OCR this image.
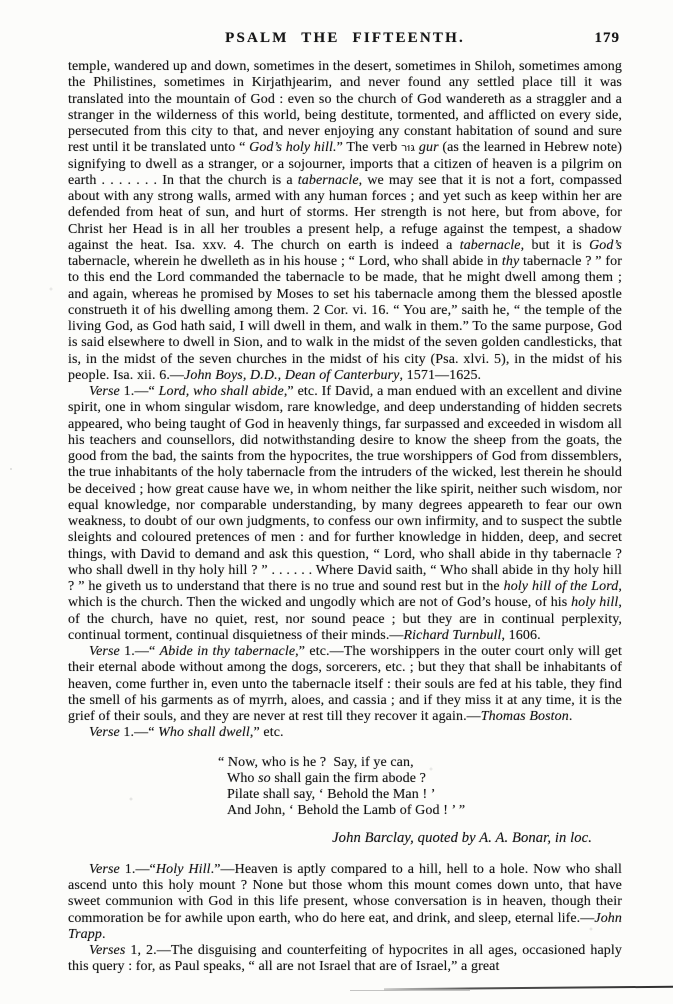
PSALM THE FIFTEENTH.	179

temple, wandered up and down, sometimes in the desert, sometimes in Shiloh, sometimes among the Philistines, sometimes in Kirjathjearim, and never found any settled place till it was translated into the mountain of God : even so the church of God wandereth as a straggler and a stranger in the wilderness of this world, being destitute, tormented, and afflicted on every side, persecuted from this city to that, and never enjoying any constant habitation of sound and sure rest until it be translated unto “ God’s holy hill.” The verb גּוּר gur (as the learned in Hebrew note) signifying to dwell as a stranger, or a sojourner, imports that a citizen of heaven is a pilgrim on earth . . . . . . . In that the church is a tabernacle, we may see that it is not a fort, compassed about with any strong walls, armed with any human forces ; and yet such as keep within her are defended from heat of sun, and hurt of storms. Her strength is not here, but from above, for Christ her Head is in all her troubles a present help, a refuge against the tempest, a shadow against the heat. Isa. xxv. 4. The church on earth is indeed a tabernacle, but it is God’s tabernacle, wherein he dwelleth as in his house ; “ Lord, who shall abide in thy tabernacle ? ” for to this end the Lord commanded the tabernacle to be made, that he might dwell among them ; and again, whereas he promised by Moses to set his tabernacle among them the blessed apostle construeth it of his dwelling among them. 2 Cor. vi. 16. “ You are,” saith he, “ the temple of the living God, as God hath said, I will dwell in them, and walk in them.” To the same purpose, God is said elsewhere to dwell in Sion, and to walk in the midst of the seven golden candlesticks, that is, in the midst of the seven churches in the midst of his city (Psa. xlvi. 5), in the midst of his people. Isa. xii. 6.—John Boys, D.D., Dean of Canterbury, 1571—1625.

Verse 1.—“ Lord, who shall abide,” etc. If David, a man endued with an excellent and divine spirit, one in whom singular wisdom, rare knowledge, and deep understanding of hidden secrets appeared, who being taught of God in heavenly things, far surpassed and exceeded in wisdom all his teachers and counsellors, did notwithstanding desire to know the sheep from the goats, the good from the bad, the saints from the hypocrites, the true worshippers of God from dissemblers, the true inhabitants of the holy tabernacle from the intruders of the wicked, lest therein he should be deceived ; how great cause have we, in whom neither the like spirit, neither such wisdom, nor equal knowledge, nor comparable understanding, by many degrees appeareth to fear our own weakness, to doubt of our own judgments, to confess our own infirmity, and to suspect the subtle sleights and coloured pretences of men : and for further knowledge in hidden, deep, and secret things, with David to demand and ask this question, “ Lord, who shall abide in thy tabernacle ? who shall dwell in thy holy hill ? ” . . . . . . Where David saith, “ Who shall abide in thy holy hill ? ” he giveth us to understand that there is no true and sound rest but in the holy hill of the Lord, which is the church. Then the wicked and ungodly which are not of God’s house, of his holy hill, of the church, have no quiet, rest, nor sound peace ; but they are in continual perplexity, continual torment, continual disquietness of their minds.—Richard Turnbull, 1606.

Verse 1.—“ Abide in thy tabernacle,” etc.—The worshippers in the outer court only will get their eternal abode without among the dogs, sorcerers, etc. ; but they that shall be inhabitants of heaven, come further in, even unto the tabernacle itself : their souls are fed at his table, they find the smell of his garments as of myrrh, aloes, and cassia ; and if they miss it at any time, it is the grief of their souls, and they are never at rest till they recover it again.—Thomas Boston.

Verse 1.—“ Who shall dwell,” etc.

“ Now, who is he ?  Say, if ye can,
Who so shall gain the firm abode ?
Pilate shall say, ‘ Behold the Man ! ’
And John, ‘ Behold the Lamb of God ! ’ ”
John Barclay, quoted by A. A. Bonar, in loc.

Verse 1.—“Holy Hill.”—Heaven is aptly compared to a hill, hell to a hole. Now who shall ascend unto this holy mount ? None but those whom this mount comes down unto, that have sweet communion with God in this life present, whose conversation is in heaven, though their commoration be for awhile upon earth, who do here eat, and drink, and sleep, eternal life.—John Trapp.

Verses 1, 2.—The disguising and counterfeiting of hypocrites in all ages, occasioned haply this query : for, as Paul speaks, “ all are not Israel that are of Israel,” a great
